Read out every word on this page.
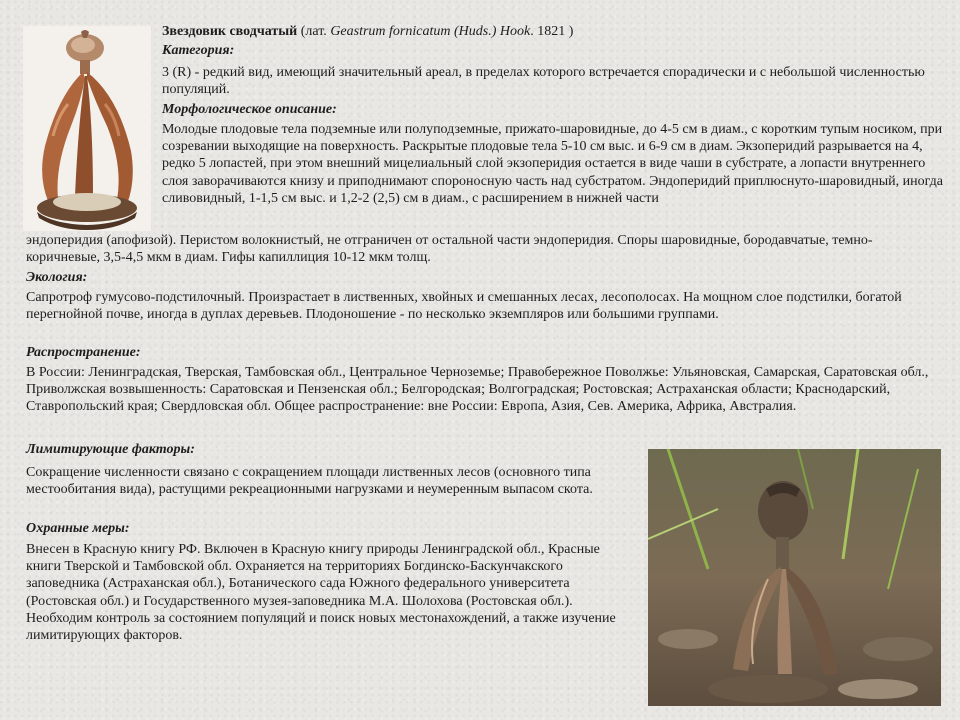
Звездовик сводчатый (лат. Geastrum fornicatum (Huds.) Hook. 1821 )

Категория:

3 (R) - редкий вид, имеющий значительный ареал, в пределах которого встречается спорадически и с небольшой численностью популяций.

Морфологическое описание:

Молодые плодовые тела подземные или полуподземные, прижато-шаровидные, до 4-5 см в диам., с коротким тупым носиком, при созревании выходящие на поверхность. Раскрытые плодовые тела 5-10 см выс. и 6-9 см в диам. Экзоперидий разрывается на 4, редко 5 лопастей, при этом внешний мицелиальный слой экзоперидия остается в виде чаши в субстрате, а лопасти внутреннего слоя заворачиваются книзу и приподнимают спороносную часть над субстратом. Эндоперидий приплюснуто-шаровидный, иногда сливовидный, 1-1,5 см выс. и 1,2-2 (2,5) см в диам., с расширением в нижней части

эндоперидия (апофизой). Перистом волокнистый, не отграничен от остальной части эндоперидия. Споры шаровидные, бородавчатые, темно-коричневые, 3,5-4,5 мкм в диам. Гифы капиллиция 10-12 мкм толщ.

Экология:

Сапротроф гумусово-подстилочный. Произрастает в лиственных, хвойных и смешанных лесах, лесополосах. На мощном слое подстилки, богатой перегнойной почве, иногда в дуплах деревьев. Плодоношение - по несколько экземпляров или большими группами.

Распространение:

В России: Ленинградская, Тверская, Тамбовская обл., Центральное Черноземье; Правобережное Поволжье: Ульяновская, Самарская, Саратовская обл., Приволжская возвышенность: Саратовская и Пензенская обл.; Белгородская; Волгоградская; Ростовская; Астраханская области; Краснодарский, Ставропольский края; Свердловская обл. Общее распространение: вне России: Европа, Азия, Сев. Америка, Африка, Австралия.

Лимитирующие факторы:

Сокращение численности связано с сокращением площади лиственных лесов (основного типа местообитания вида), растущими рекреационными нагрузками и неумеренным выпасом скота.

Охранные меры:

Внесен в Красную книгу РФ. Включен в Красную книгу природы Ленинградской обл., Красные книги Тверской и Тамбовской обл. Охраняется на территориях Богдинско-Баскунчакского заповедника (Астраханская обл.), Ботанического сада Южного федерального университета (Ростовская обл.) и Государственного музея-заповедника М.А. Шолохова (Ростовская обл.). Необходим контроль за состоянием популяций и поиск новых местонахождений, а также изучение лимитирующих факторов.
